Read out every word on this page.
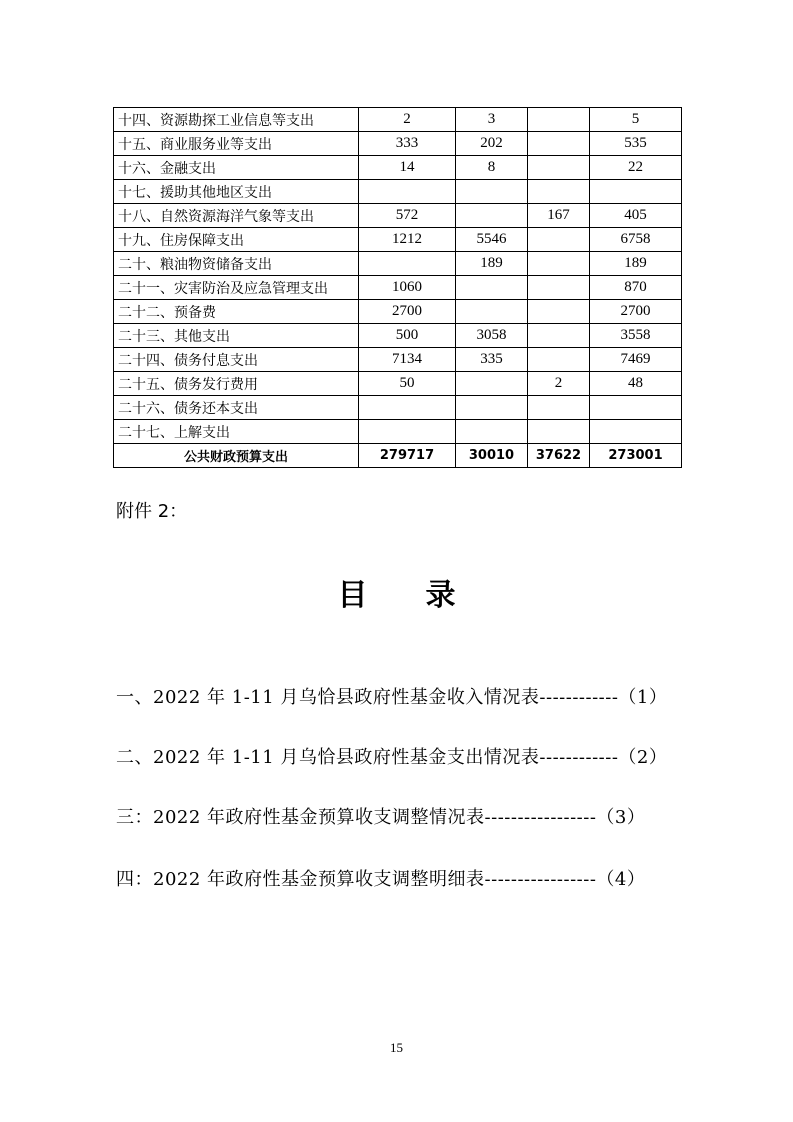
十四、资源勘探工业信息等支出	2	3		5
十五、商业服务业等支出	333	202		535
十六、金融支出	14	8		22
十七、援助其他地区支出				
十八、自然资源海洋气象等支出	572		167	405
十九、住房保障支出	1212	5546		6758
二十、粮油物资储备支出		189		189
二十一、灾害防治及应急管理支出	1060			870
二十二、预备费	2700			2700
二十三、其他支出	500	3058		3558
二十四、债务付息支出	7134	335		7469
二十五、债务发行费用	50		2	48
二十六、债务还本支出				
二十七、上解支出				
公共财政预算支出	279717	30010	37622	273001
附件 2：
目录
一、2022 年 1-11 月乌恰县政府性基金收入情况表------------（1）
二、2022 年 1-11 月乌恰县政府性基金支出情况表------------（2）
三：2022 年政府性基金预算收支调整情况表-----------------（3）
四：2022 年政府性基金预算收支调整明细表-----------------（4）
15
